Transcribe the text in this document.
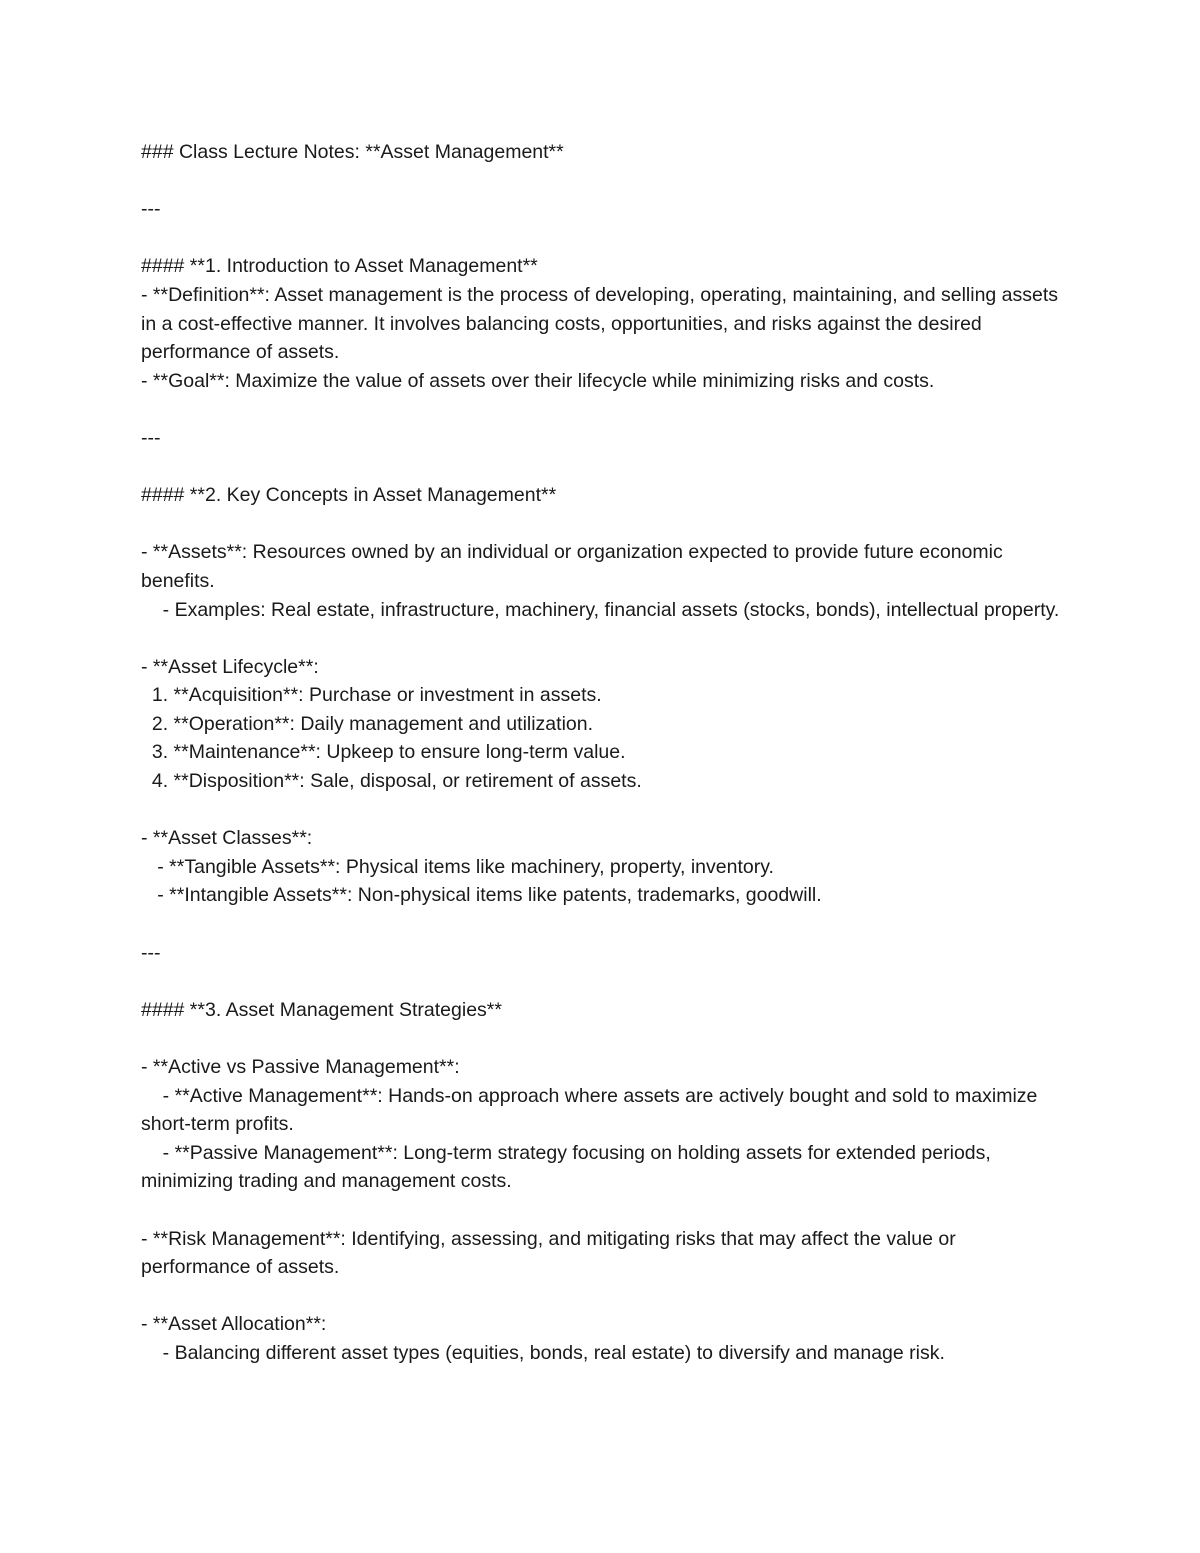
### Class Lecture Notes: **Asset Management**
---
#### **1. Introduction to Asset Management**
- **Definition**: Asset management is the process of developing, operating, maintaining, and selling assets in a cost-effective manner. It involves balancing costs, opportunities, and risks against the desired performance of assets.
- **Goal**: Maximize the value of assets over their lifecycle while minimizing risks and costs.
---
#### **2. Key Concepts in Asset Management**
- **Assets**: Resources owned by an individual or organization expected to provide future economic benefits.
- Examples: Real estate, infrastructure, machinery, financial assets (stocks, bonds), intellectual property.
- **Asset Lifecycle**:
1. **Acquisition**: Purchase or investment in assets.
2. **Operation**: Daily management and utilization.
3. **Maintenance**: Upkeep to ensure long-term value.
4. **Disposition**: Sale, disposal, or retirement of assets.
- **Asset Classes**:
- **Tangible Assets**: Physical items like machinery, property, inventory.
- **Intangible Assets**: Non-physical items like patents, trademarks, goodwill.
---
#### **3. Asset Management Strategies**
- **Active vs Passive Management**:
- **Active Management**: Hands-on approach where assets are actively bought and sold to maximize short-term profits.
- **Passive Management**: Long-term strategy focusing on holding assets for extended periods, minimizing trading and management costs.
- **Risk Management**: Identifying, assessing, and mitigating risks that may affect the value or performance of assets.
- **Asset Allocation**:
- Balancing different asset types (equities, bonds, real estate) to diversify and manage risk.
